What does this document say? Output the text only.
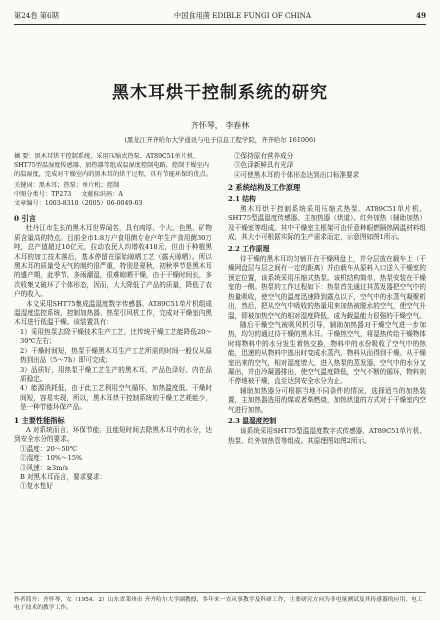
第24卷 第6期	中国食用菌 EDIBLE FUNGI OF CHINA	49
黑木耳烘干控制系统的研究
齐怀琴， 李春林
(黑龙江齐齐哈尔大学通讯与电子信息工程学院，齐齐哈尔 161006)
摘 要：黑木耳烘干控制系统，采用压缩式热泵、AT89C51单片机、SHT75型温湿度传感器、加热器等组成温湿度控制电路，控制干燥室内的温湿度，完成对干燥室内的黑木耳的烘干过程，具有节能环保的优点。
关键词：黑木耳；热泵；单片机；控制
中图分类号：TP273 文献标识码：A
文章编号：1003-8310（2005）06-0049-03
0 引言

牡丹江市生长的黑木耳世界闻名，具有肉厚、个大、色黑、矿物质含量高的特点。目前全市1.8万户食用菌专业户年生产食用菌30万吨，总产值超过10亿元，拉动农民人均增收418元，但由于种植黑木耳的加工技术落后，基本停留在原始晾晒工艺（露天晾晒）。所以黑木耳的质量受天气的制约很严重，特别是夏秋，初秋季节是黑木耳的盛产期，此季节，多雨潮湿，很难晾晒干燥，由于干燥时间长，多次收集又破坏了个体形态，因而，大大降低了产品的质量，降低了农户的收入。

本文采用SHT75集成温湿度数字传感器、AT89C51单片机组成温湿度监控系统，控制加热器、热泵引风机工作，完成对干燥室内黑木耳进行低温干燥。该装置具有：

1）采用热泵去除干燥技术生产工艺，比传统干燥工艺能降低20～30℃左右；

2）干燥时间短，热泵干燥黑木耳生产工艺所需的时间一般仅从原热到出品（5～7h）即可完成；

3）品质好，用热泵干燥工艺生产的黑木耳，产品色泽好、内在品质稳定。

4）能源消耗低，由于此工艺利用空气循环，加热温度低、干燥时间短，容易实现，所以，黑木耳烘干控制系统的干燥工艺耗能少，是一种节能环保产品。

1 主要性能指标

A 对系统而言，环保节能，且能短时间去除黑木耳中的水分，达到安全水分的要求。

①温度：20～50℃

②湿度：10%～15%

③风速：≥3m/s

B 对黑木耳而言，要求要求：

①复水性好

②保持原有营养成分

③色泽新鲜具有光泽

④可使黑木耳的个体形态达到出口标准要求

2 系统结构及工作原理
2.1 结构

黑木耳烘干控制系统采用压缩式热泵、AT89C51单片机、SHT75型温湿度传感器、主加热器（烘道）、红外加热（辅助加热）及干燥室等组成。其中干燥室主框架可由仟意种眼燃隔热隔温材料组成，其大小可根据实际的生产需求而定，示意图如图1所示。

2.2 工作原理

待干燥的黑木耳均匀铺开在干燥网盘上，并分层放在载车上（干燥网盘层与层之间有一定的距离）并由载车从原料入口送入干燥室的预定位置，该系统采用压缩式热泵。该机结构简单，热泵安装在干燥室的一侧。热泵的工作过程如下：热泵首先通过其蒸发器把空气中的热量吸收，使空气的温度迅速降到露点以下，空气中的水蒸气凝聚析出，然后，把从空气中吸收的热量用来加热被脱水的空气，使空气升温，即被加热空气的相对湿度降低，成为载温能力很强的干燥空气。

随后干燥空气被吸风机引导，辅助加热器对干燥空气进一步加热，均匀的通过待干燥的黑木耳。干燥热空气，将湿热传给干燥物体时将物料中的水分发生着热交换，物料中的水份吸收了空气中的热能，迅速的从物料中逃出时变成水蒸汽，物料从而得到干燥。从干燥室出来的空气，相对湿度增大，进入热泵的蒸发器，空气中的水分又凝出，并由冷凝器排出，使空气温度降低，空气不断的循环，物料则不停地被干燥，直至达到安全水分为止。

辅助加热器分可根据当地不同条件的情况，选择适当的加热装置，主加热器选用的煤或者柴燃烧，加热烘道的方式对于干燥室内空气进行加热。

2.3 温湿度控制

该系统采用SHT75型温湿度数字式传感器、AT89C51单片机、热泵、红外加热管等组成。其原理图如图2所示。

作者简介：齐怀琴，女（1954．2）山东省莱州市 齐齐哈尔大学副教授，多年来一直从事教学及科研工作，主要研究方向为非电量测试及其传感器的应用，电工电子技术的教学工作。
